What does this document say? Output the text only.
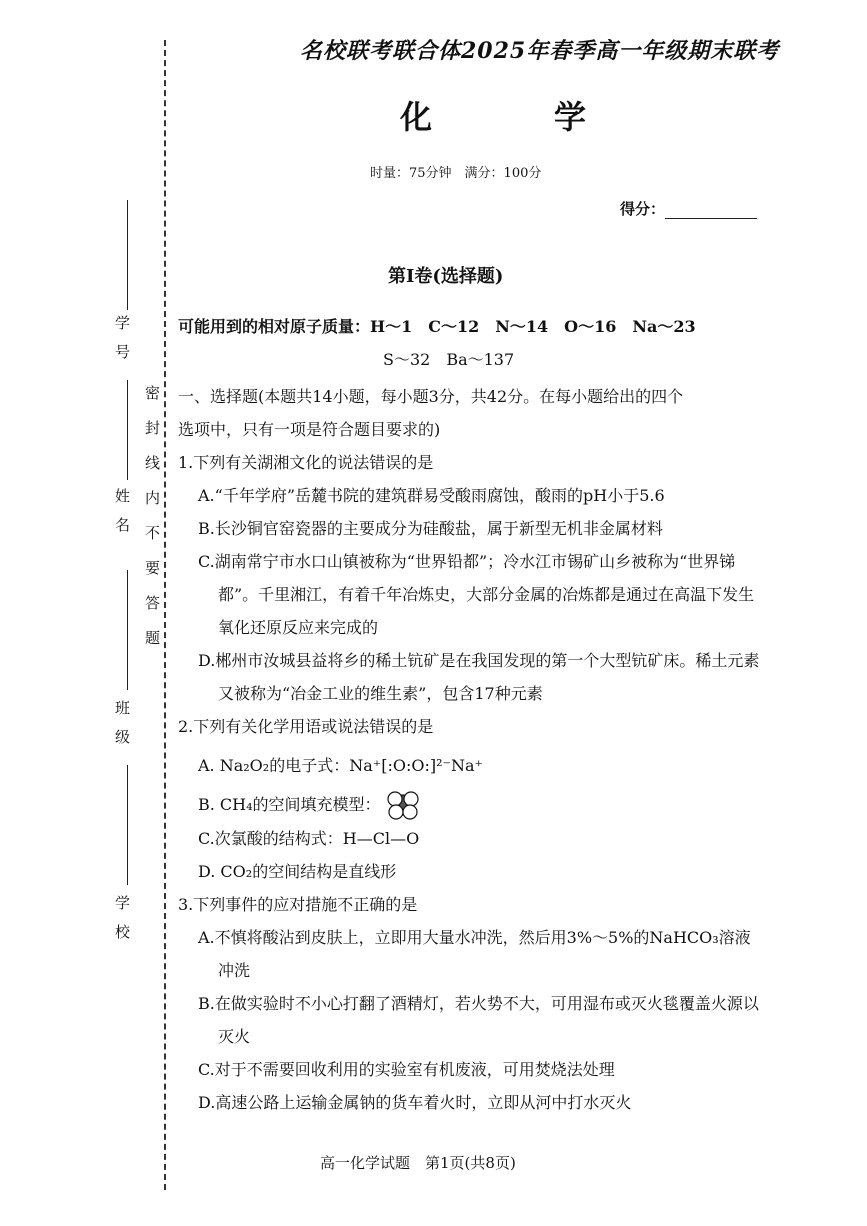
学号
姓名
班级
学校
密封线内不要答题
名校联考联合体2025年春季高一年级期末联考
化　学
时量：75分钟　满分：100分
得分：
第Ⅰ卷(选择题)

可能用到的相对原子质量：H～1　C～12　N～14　O～16　Na～23

S～32　Ba～137

一、选择题(本题共14小题，每小题3分，共42分。在每小题给出的四个
选项中，只有一项是符合题目要求的)

1.下列有关湖湘文化的说法错误的是

A.“千年学府”岳麓书院的建筑群易受酸雨腐蚀，酸雨的pH小于5.6

B.长沙铜官窑瓷器的主要成分为硅酸盐，属于新型无机非金属材料

C.湖南常宁市水口山镇被称为“世界铅都”；冷水江市锡矿山乡被称为“世界锑都”。千里湘江，有着千年冶炼史，大部分金属的冶炼都是通过在高温下发生氧化还原反应来完成的

D.郴州市汝城县益将乡的稀土钪矿是在我国发现的第一个大型钪矿床。稀土元素又被称为“冶金工业的维生素”，包含17种元素

2.下列有关化学用语或说法错误的是

A. Na₂O₂的电子式：Na⁺[:O:O:]²⁻Na⁺

B. CH₄的空间填充模型：

C.次氯酸的结构式：H—Cl—O

D. CO₂的空间结构是直线形

3.下列事件的应对措施不正确的是

A.不慎将酸沾到皮肤上，立即用大量水冲洗，然后用3%～5%的NaHCO₃溶液冲洗

B.在做实验时不小心打翻了酒精灯，若火势不大，可用湿布或灭火毯覆盖火源以灭火

C.对于不需要回收利用的实验室有机废液，可用焚烧法处理

D.高速公路上运输金属钠的货车着火时，立即从河中打水灭火

高一化学试题　第1页(共8页)
